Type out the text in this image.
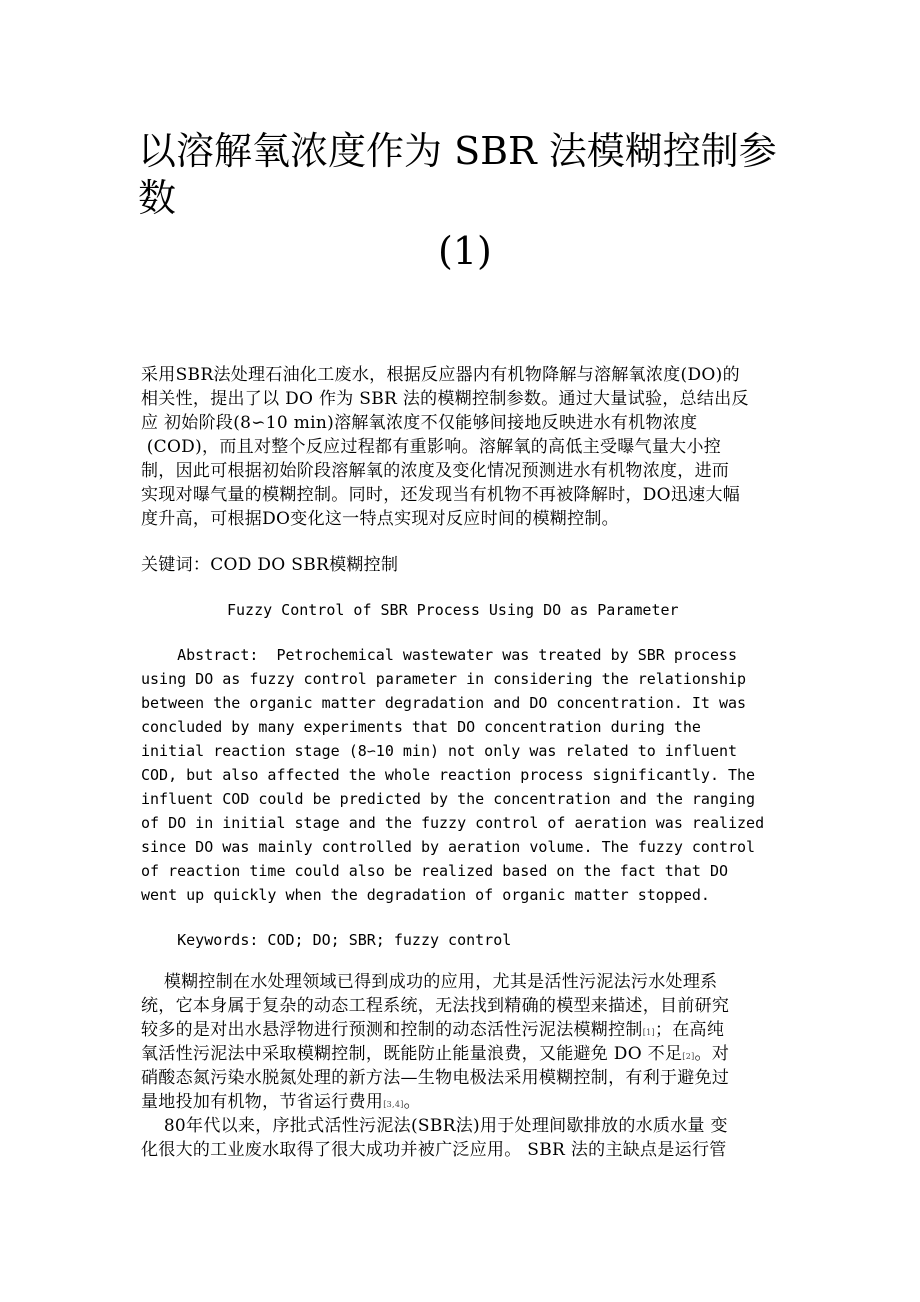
以溶解氧浓度作为 SBR 法模糊控制参
数
(1)
采用SBR法处理石油化工废水，根据反应器内有机物降解与溶解氧浓度(DO)的
相关性，提出了以 DO 作为 SBR 法的模糊控制参数。通过大量试验，总结出反
应 初始阶段(8∽10 min)溶解氧浓度不仅能够间接地反映进水有机物浓度
(COD)，而且对整个反应过程都有重影响。溶解氧的高低主受曝气量大小控
制，因此可根据初始阶段溶解氧的浓度及变化情况预测进水有机物浓度，进而
实现对曝气量的模糊控制。同时，还发现当有机物不再被降解时，DO迅速大幅
度升高，可根据DO变化这一特点实现对反应时间的模糊控制。
关键词：COD DO SBR模糊控制
Fuzzy Control of SBR Process Using DO as Parameter
Abstract:  Petrochemical wastewater was treated by SBR process
using DO as fuzzy control parameter in considering the relationship
between the organic matter degradation and DO concentration. It was
concluded by many experiments that DO concentration during the
initial reaction stage (8∽10 min) not only was related to influent
COD, but also affected the whole reaction process significantly. The
influent COD could be predicted by the concentration and the ranging
of DO in initial stage and the fuzzy control of aeration was realized
since DO was mainly controlled by aeration volume. The fuzzy control
of reaction time could also be realized based on the fact that DO
went up quickly when the degradation of organic matter stopped.
Keywords: COD; DO; SBR; fuzzy control
模糊控制在水处理领域已得到成功的应用，尤其是活性污泥法污水处理系
统，它本身属于复杂的动态工程系统，无法找到精确的模型来描述，目前研究
较多的是对出水悬浮物进行预测和控制的动态活性污泥法模糊控制[1]；在高纯
氧活性污泥法中采取模糊控制，既能防止能量浪费，又能避免 DO 不足[2]。对
硝酸态氮污染水脱氮处理的新方法—生物电极法采用模糊控制，有利于避免过
量地投加有机物，节省运行费用[3,4]。
80年代以来，序批式活性污泥法(SBR法)用于处理间歇排放的水质水量 变
化很大的工业废水取得了很大成功并被广泛应用。 SBR 法的主缺点是运行管
